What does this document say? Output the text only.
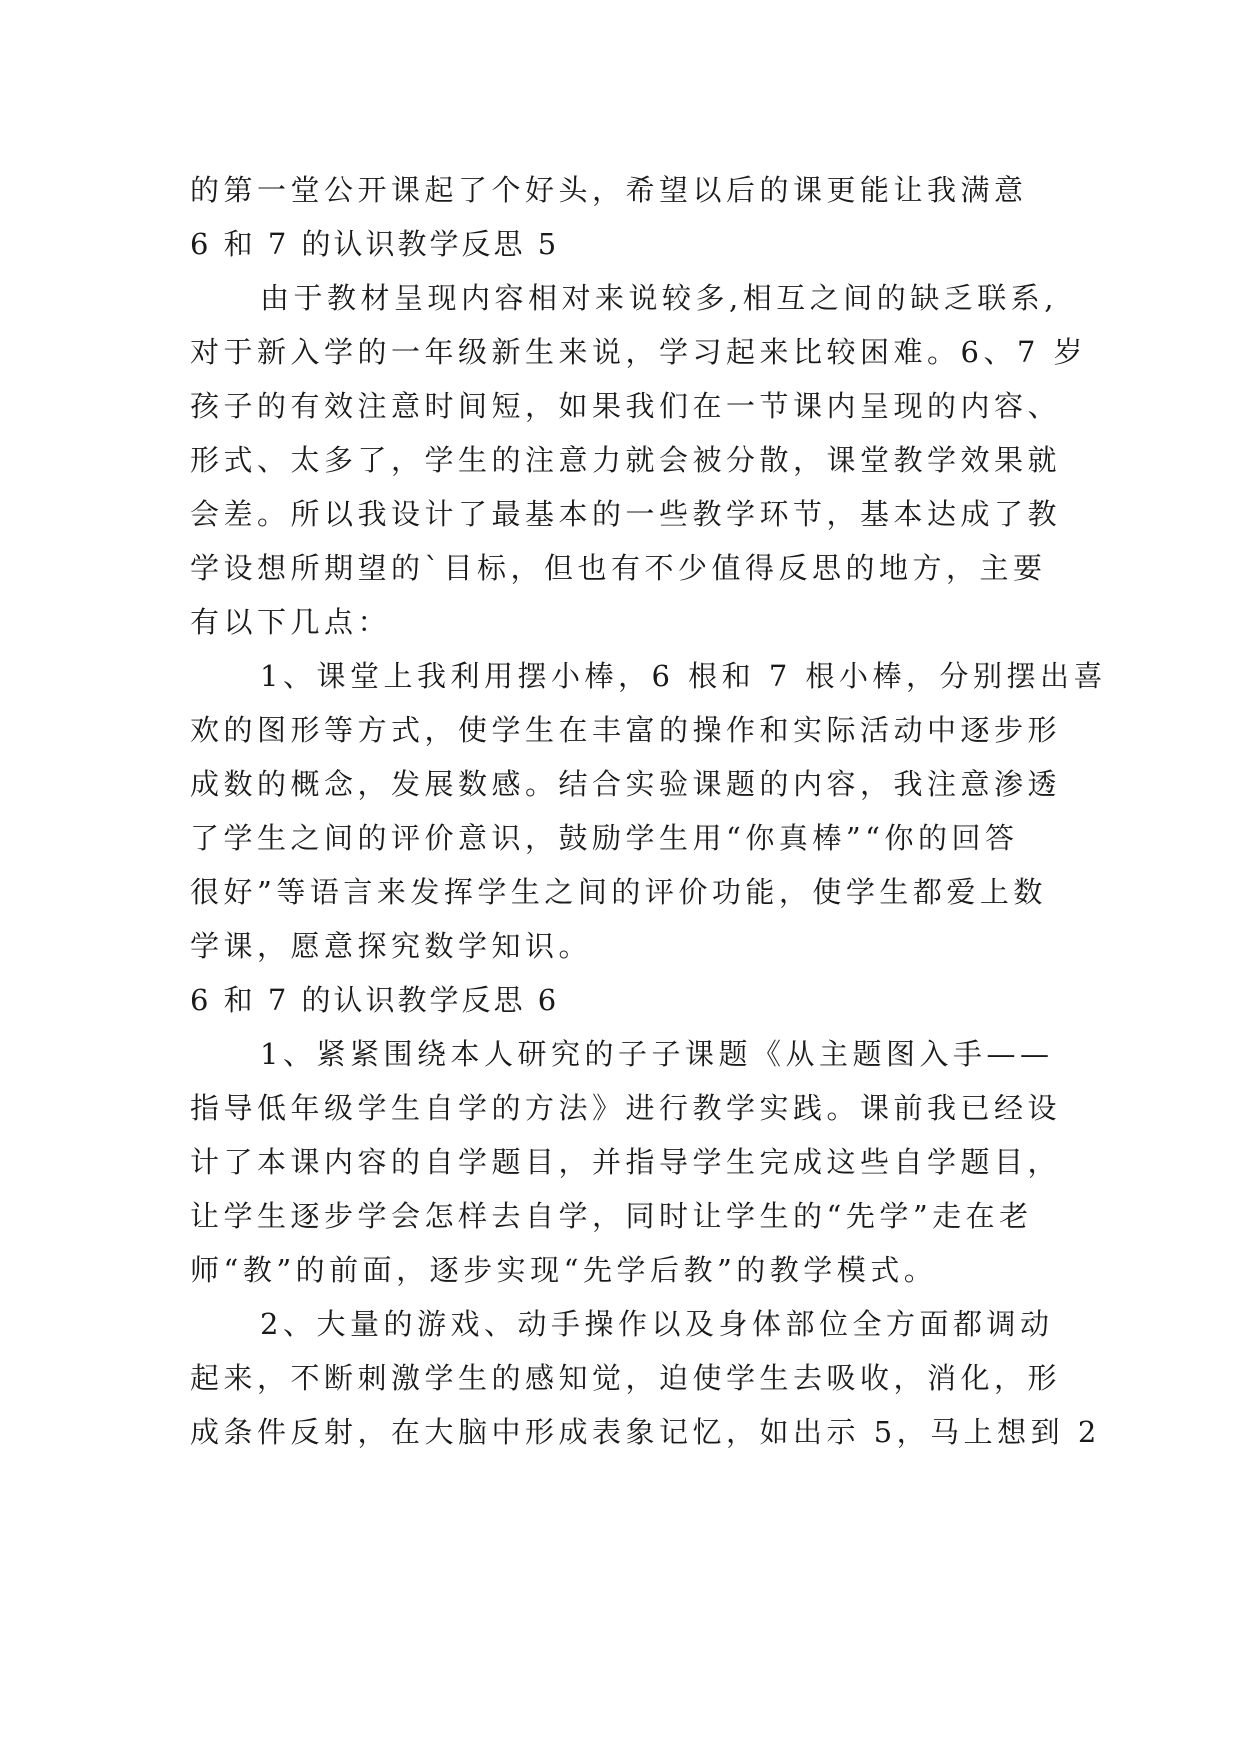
的第一堂公开课起了个好头，希望以后的课更能让我满意
6 和 7 的认识教学反思 5
由于教材呈现内容相对来说较多,相互之间的缺乏联系,
对于新入学的一年级新生来说，学习起来比较困难。6、7 岁
孩子的有效注意时间短，如果我们在一节课内呈现的内容、
形式、太多了，学生的注意力就会被分散，课堂教学效果就
会差。所以我设计了最基本的一些教学环节，基本达成了教
学设想所期望的`目标，但也有不少值得反思的地方，主要
有以下几点：
1、课堂上我利用摆小棒，6 根和 7 根小棒，分别摆出喜
欢的图形等方式，使学生在丰富的操作和实际活动中逐步形
成数的概念，发展数感。结合实验课题的内容，我注意渗透
了学生之间的评价意识，鼓励学生用“你真棒”“你的回答
很好”等语言来发挥学生之间的评价功能，使学生都爱上数
学课，愿意探究数学知识。
6 和 7 的认识教学反思 6
1、紧紧围绕本人研究的子子课题《从主题图入手——
指导低年级学生自学的方法》进行教学实践。课前我已经设
计了本课内容的自学题目，并指导学生完成这些自学题目，
让学生逐步学会怎样去自学，同时让学生的“先学”走在老
师“教”的前面，逐步实现“先学后教”的教学模式。
2、大量的游戏、动手操作以及身体部位全方面都调动
起来，不断刺激学生的感知觉，迫使学生去吸收，消化，形
成条件反射，在大脑中形成表象记忆，如出示 5，马上想到 2
